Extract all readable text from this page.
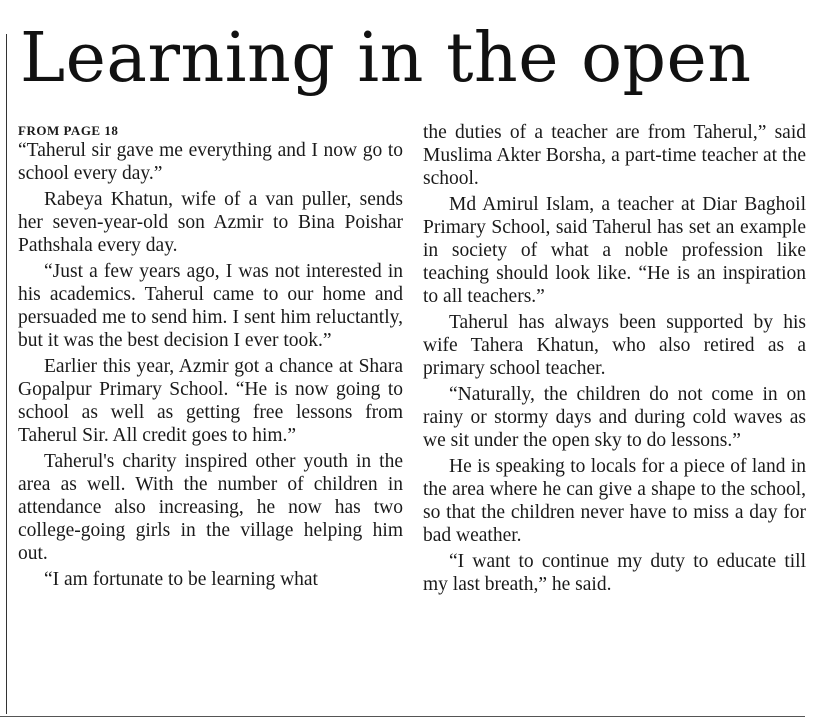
Learning in the open
FROM PAGE 18

“Taherul sir gave me everything and I now go to school every day.”

Rabeya Khatun, wife of a van puller, sends her seven-year-old son Azmir to Bina Poishar Pathshala every day.

“Just a few years ago, I was not interested in his academics. Taherul came to our home and persuaded me to send him. I sent him reluctantly, but it was the best decision I ever took.”

Earlier this year, Azmir got a chance at Shara Gopalpur Primary School. “He is now going to school as well as getting free lessons from Taherul Sir. All credit goes to him.”

Taherul's charity inspired other youth in the area as well. With the number of children in attendance also increasing, he now has two college-going girls in the village helping him out.

“I am fortunate to be learning what

the duties of a teacher are from Taherul,” said Muslima Akter Borsha, a part-time teacher at the school.

Md Amirul Islam, a teacher at Diar Baghoil Primary School, said Taherul has set an example in society of what a noble profession like teaching should look like. “He is an inspiration to all teachers.”

Taherul has always been supported by his wife Tahera Khatun, who also retired as a primary school teacher.

“Naturally, the children do not come in on rainy or stormy days and during cold waves as we sit under the open sky to do lessons.”

He is speaking to locals for a piece of land in the area where he can give a shape to the school, so that the children never have to miss a day for bad weather.

“I want to continue my duty to educate till my last breath,” he said.
